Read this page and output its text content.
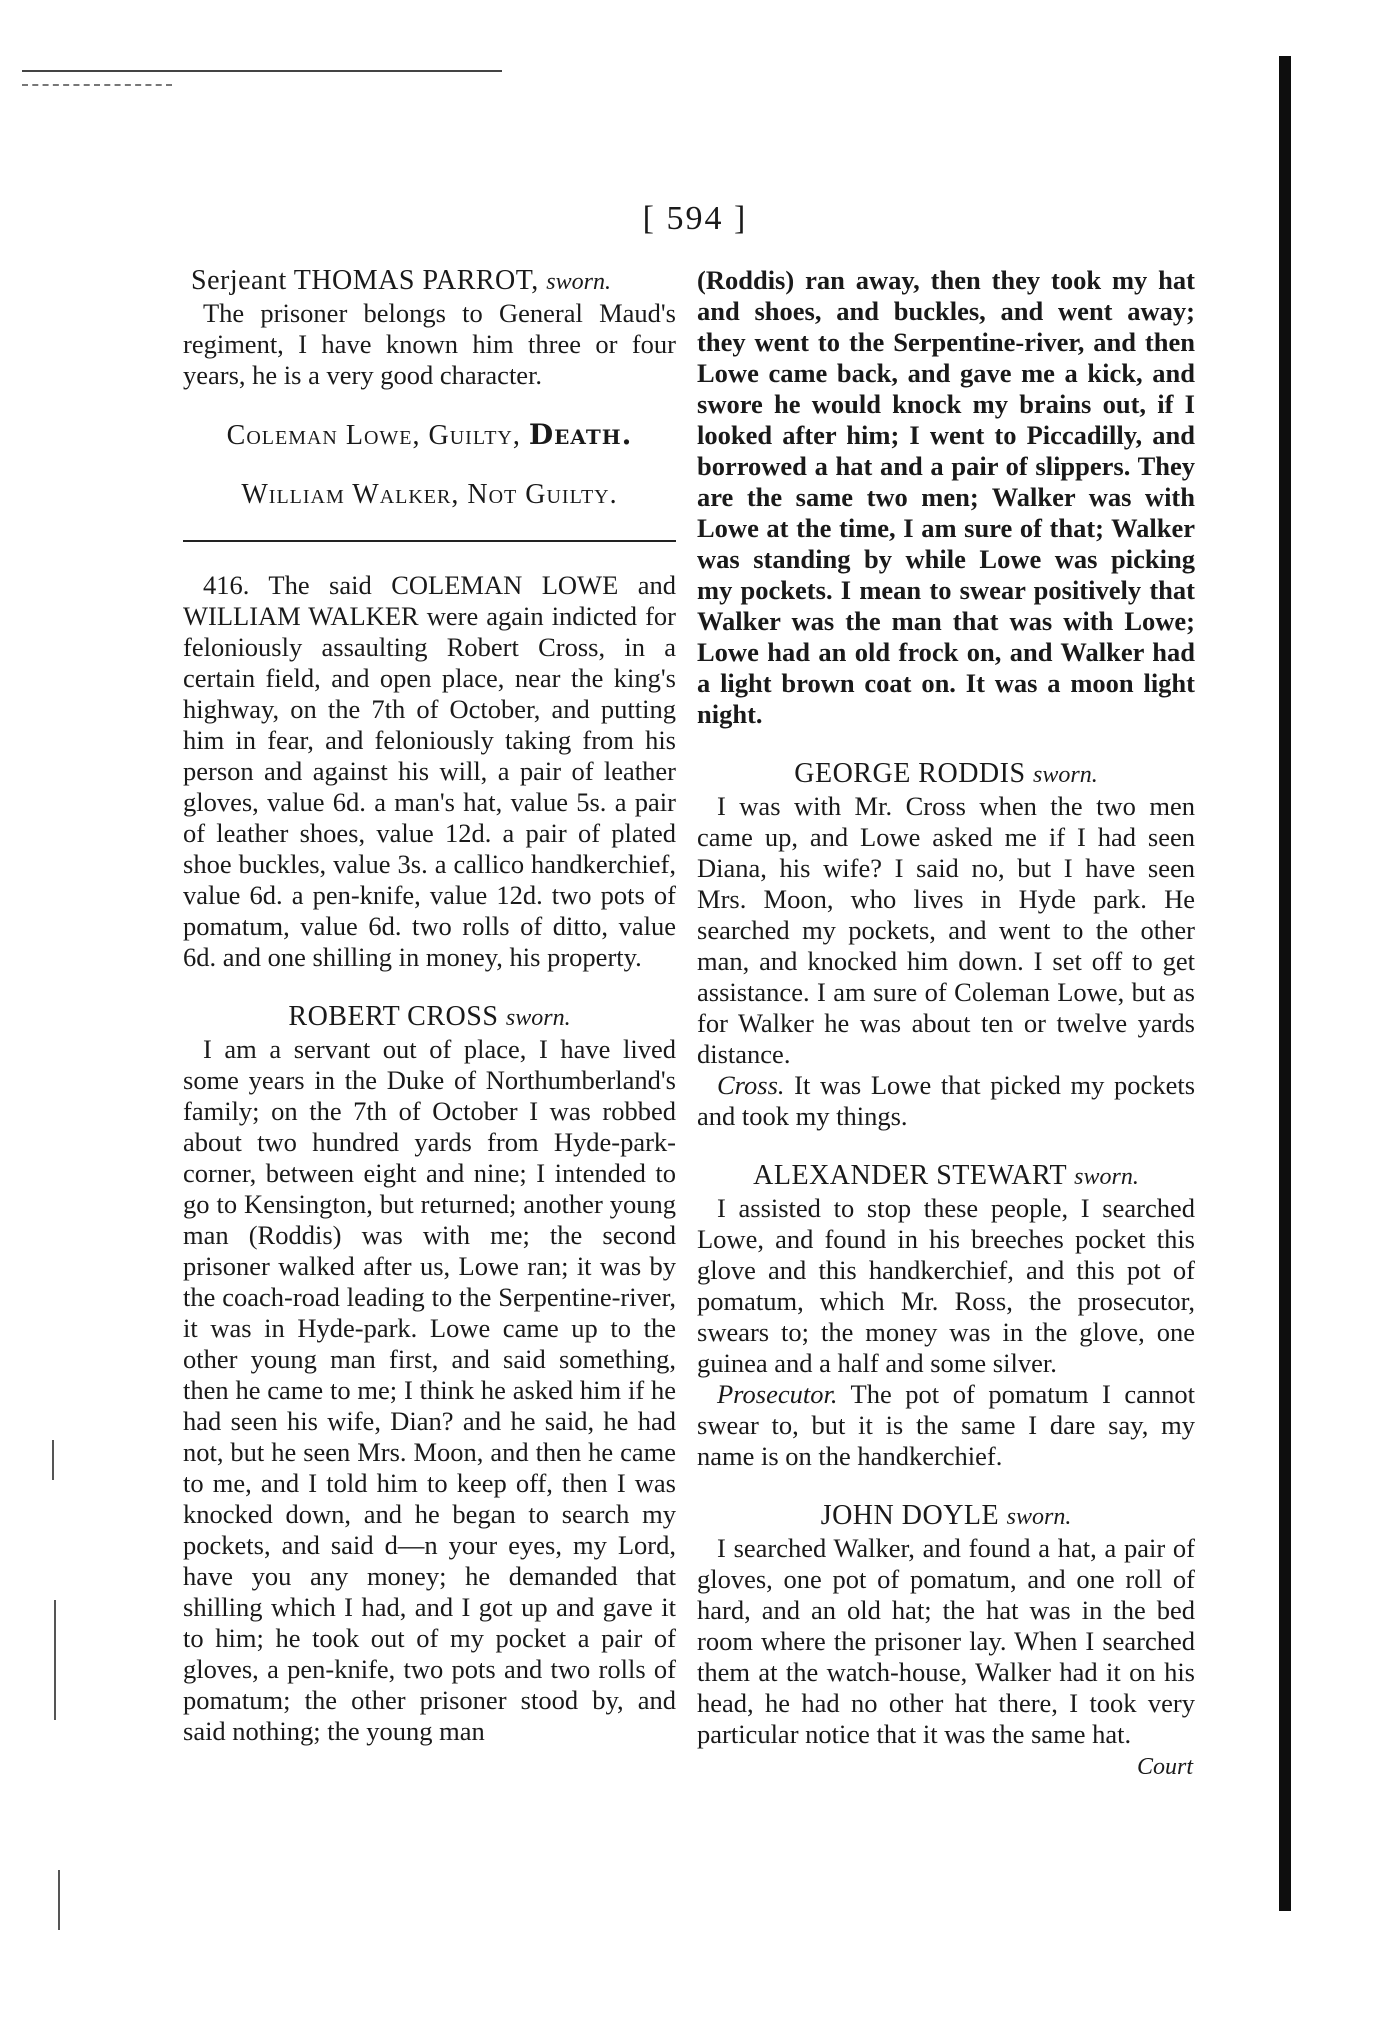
[ 594 ]

Serjeant THOMAS PARROT, sworn.

The prisoner belongs to General Maud's regiment, I have known him three or four years, he is a very good character.

Coleman Lowe, Guilty, Death.

William Walker, Not Guilty.

416. The said COLEMAN LOWE and WILLIAM WALKER were again indicted for feloniously assaulting Robert Cross, in a certain field, and open place, near the king's highway, on the 7th of October, and putting him in fear, and feloniously taking from his person and against his will, a pair of leather gloves, value 6d. a man's hat, value 5s. a pair of leather shoes, value 12d. a pair of plated shoe buckles, value 3s. a callico handkerchief, value 6d. a pen-knife, value 12d. two pots of pomatum, value 6d. two rolls of ditto, value 6d. and one shilling in money, his property.

ROBERT CROSS sworn.

I am a servant out of place, I have lived some years in the Duke of Northumberland's family; on the 7th of October I was robbed about two hundred yards from Hyde-park-corner, between eight and nine; I intended to go to Kensington, but returned; another young man (Roddis) was with me; the second prisoner walked after us, Lowe ran; it was by the coach-road leading to the Serpentine-river, it was in Hyde-park. Lowe came up to the other young man first, and said something, then he came to me; I think he asked him if he had seen his wife, Dian? and he said, he had not, but he seen Mrs. Moon, and then he came to me, and I told him to keep off, then I was knocked down, and he began to search my pockets, and said d—n your eyes, my Lord, have you any money; he demanded that shilling which I had, and I got up and gave it to him; he took out of my pocket a pair of gloves, a pen-knife, two pots and two rolls of pomatum; the other prisoner stood by, and said nothing; the young man

(Roddis) ran away, then they took my hat and shoes, and buckles, and went away; they went to the Serpentine-river, and then Lowe came back, and gave me a kick, and swore he would knock my brains out, if I looked after him; I went to Piccadilly, and borrowed a hat and a pair of slippers. They are the same two men; Walker was with Lowe at the time, I am sure of that; Walker was standing by while Lowe was picking my pockets. I mean to swear positively that Walker was the man that was with Lowe; Lowe had an old frock on, and Walker had a light brown coat on. It was a moon light night.

GEORGE RODDIS sworn.

I was with Mr. Cross when the two men came up, and Lowe asked me if I had seen Diana, his wife? I said no, but I have seen Mrs. Moon, who lives in Hyde park. He searched my pockets, and went to the other man, and knocked him down. I set off to get assistance. I am sure of Coleman Lowe, but as for Walker he was about ten or twelve yards distance.

Cross. It was Lowe that picked my pockets and took my things.

ALEXANDER STEWART sworn.

I assisted to stop these people, I searched Lowe, and found in his breeches pocket this glove and this handkerchief, and this pot of pomatum, which Mr. Ross, the prosecutor, swears to; the money was in the glove, one guinea and a half and some silver.

Prosecutor. The pot of pomatum I cannot swear to, but it is the same I dare say, my name is on the handkerchief.

JOHN DOYLE sworn.

I searched Walker, and found a hat, a pair of gloves, one pot of pomatum, and one roll of hard, and an old hat; the hat was in the bed room where the prisoner lay. When I searched them at the watch-house, Walker had it on his head, he had no other hat there, I took very particular notice that it was the same hat.

Court
